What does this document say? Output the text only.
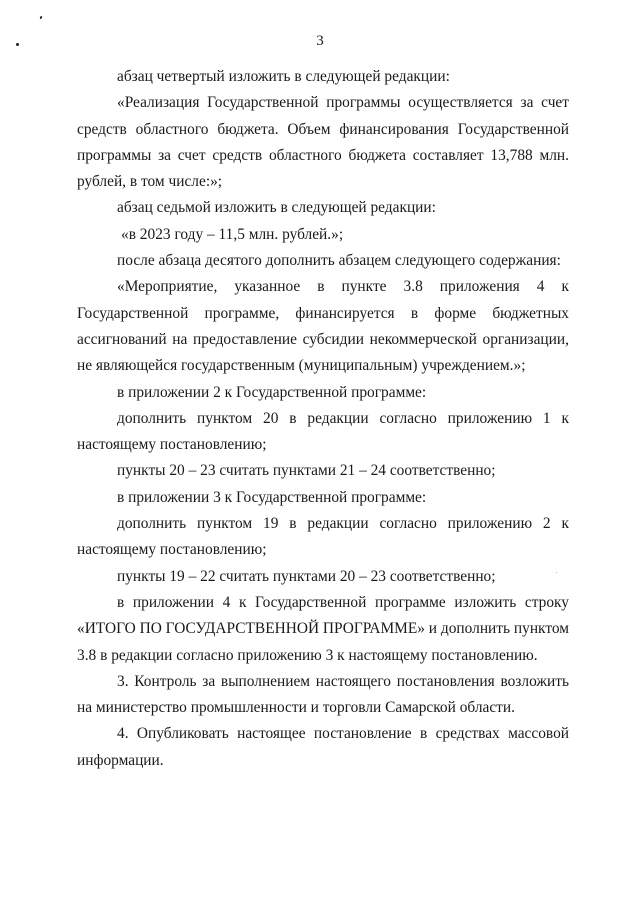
3

абзац четвертый изложить в следующей редакции:

«Реализация Государственной программы осуществляется за счет средств областного бюджета. Объем финансирования Государственной программы за счет средств областного бюджета составляет 13,788 млн. рублей, в том числе:»;

абзац седьмой изложить в следующей редакции:

«в 2023 году – 11,5 млн. рублей.»;

после абзаца десятого дополнить абзацем следующего содержания:

«Мероприятие, указанное в пункте 3.8 приложения 4 к Государственной программе, финансируется в форме бюджетных ассигнований на предоставление субсидии некоммерческой организации, не являющейся государственным (муниципальным) учреждением.»;

в приложении 2 к Государственной программе:

дополнить пунктом 20 в редакции согласно приложению 1 к настоящему постановлению;

пункты 20 – 23 считать пунктами 21 – 24 соответственно;

в приложении 3 к Государственной программе:

дополнить пунктом 19 в редакции согласно приложению 2 к настоящему постановлению;

пункты 19 – 22 считать пунктами 20 – 23 соответственно;

в приложении 4 к Государственной программе изложить строку «ИТОГО ПО ГОСУДАРСТВЕННОЙ ПРОГРАММЕ» и дополнить пунктом 3.8 в редакции согласно приложению 3 к настоящему постановлению.

3. Контроль за выполнением настоящего постановления возложить на министерство промышленности и торговли Самарской области.

4. Опубликовать настоящее постановление в средствах массовой информации.
